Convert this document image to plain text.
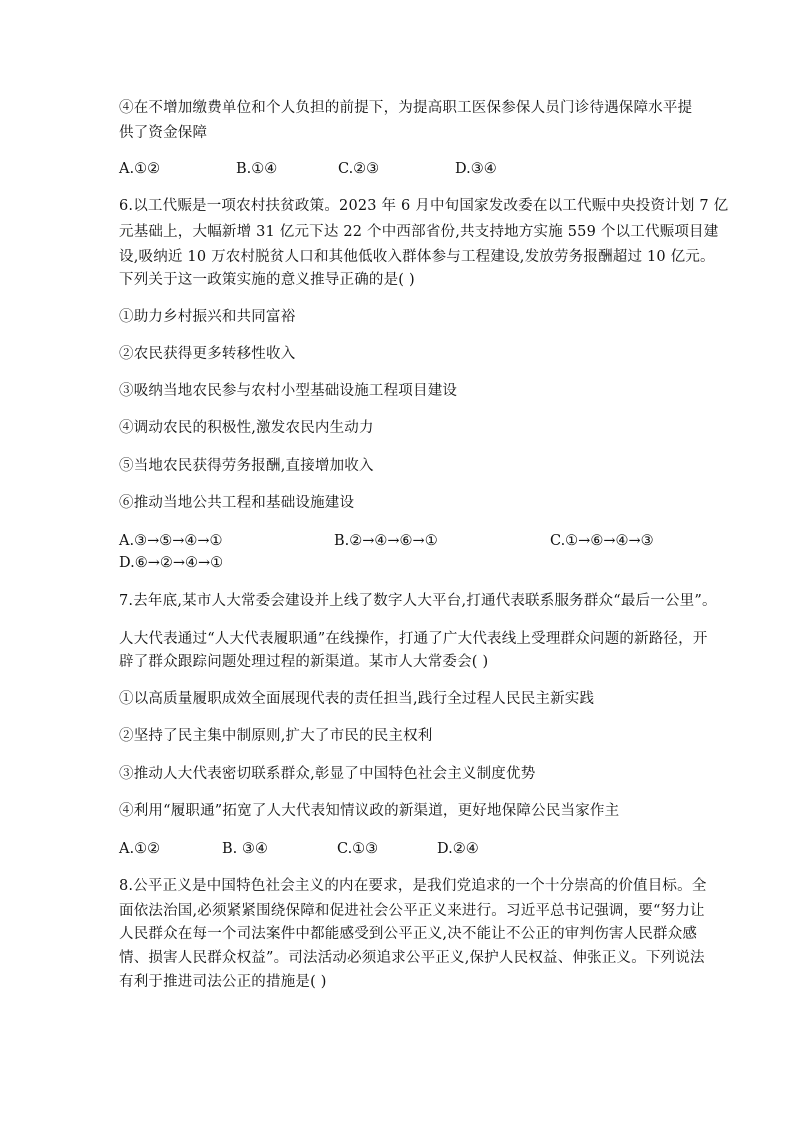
④在不增加缴费单位和个人负担的前提下，为提高职工医保参保人员门诊待遇保障水平提
供了资金保障
A.①②	B.①④	C.②③	D.③④
6.以工代赈是一项农村扶贫政策。2023 年 6 月中旬国家发改委在以工代赈中央投资计划 7 亿
元基础上，大幅新增 31 亿元下达 22 个中西部省份,共支持地方实施 559 个以工代赈项目建
设,吸纳近 10 万农村脱贫人口和其他低收入群体参与工程建设,发放劳务报酬超过 10 亿元。
下列关于这一政策实施的意义推导正确的是( )
①助力乡村振兴和共同富裕
②农民获得更多转移性收入
③吸纳当地农民参与农村小型基础设施工程项目建设
④调动农民的积极性,激发农民内生动力
⑤当地农民获得劳务报酬,直接增加收入
⑥推动当地公共工程和基础设施建设
A.③→⑤→④→①	B.②→④→⑥→①	C.①→⑥→④→③
D.⑥→②→④→①
7.去年底,某市人大常委会建设并上线了数字人大平台,打通代表联系服务群众“最后一公里”。
人大代表通过“人大代表履职通”在线操作，打通了广大代表线上受理群众问题的新路径，开
辟了群众跟踪问题处理过程的新渠道。某市人大常委会( )
①以高质量履职成效全面展现代表的责任担当,践行全过程人民民主新实践
②坚持了民主集中制原则,扩大了市民的民主权利
③推动人大代表密切联系群众,彰显了中国特色社会主义制度优势
④利用“履职通”拓宽了人大代表知情议政的新渠道，更好地保障公民当家作主
A.①②	B. ③④	C.①③	D.②④
8.公平正义是中国特色社会主义的内在要求，是我们党追求的一个十分崇高的价值目标。全
面依法治国,必须紧紧围绕保障和促进社会公平正义来进行。习近平总书记强调，要“努力让
人民群众在每一个司法案件中都能感受到公平正义,决不能让不公正的审判伤害人民群众感
情、损害人民群众权益”。司法活动必须追求公平正义,保护人民权益、伸张正义。下列说法
有利于推进司法公正的措施是( )
